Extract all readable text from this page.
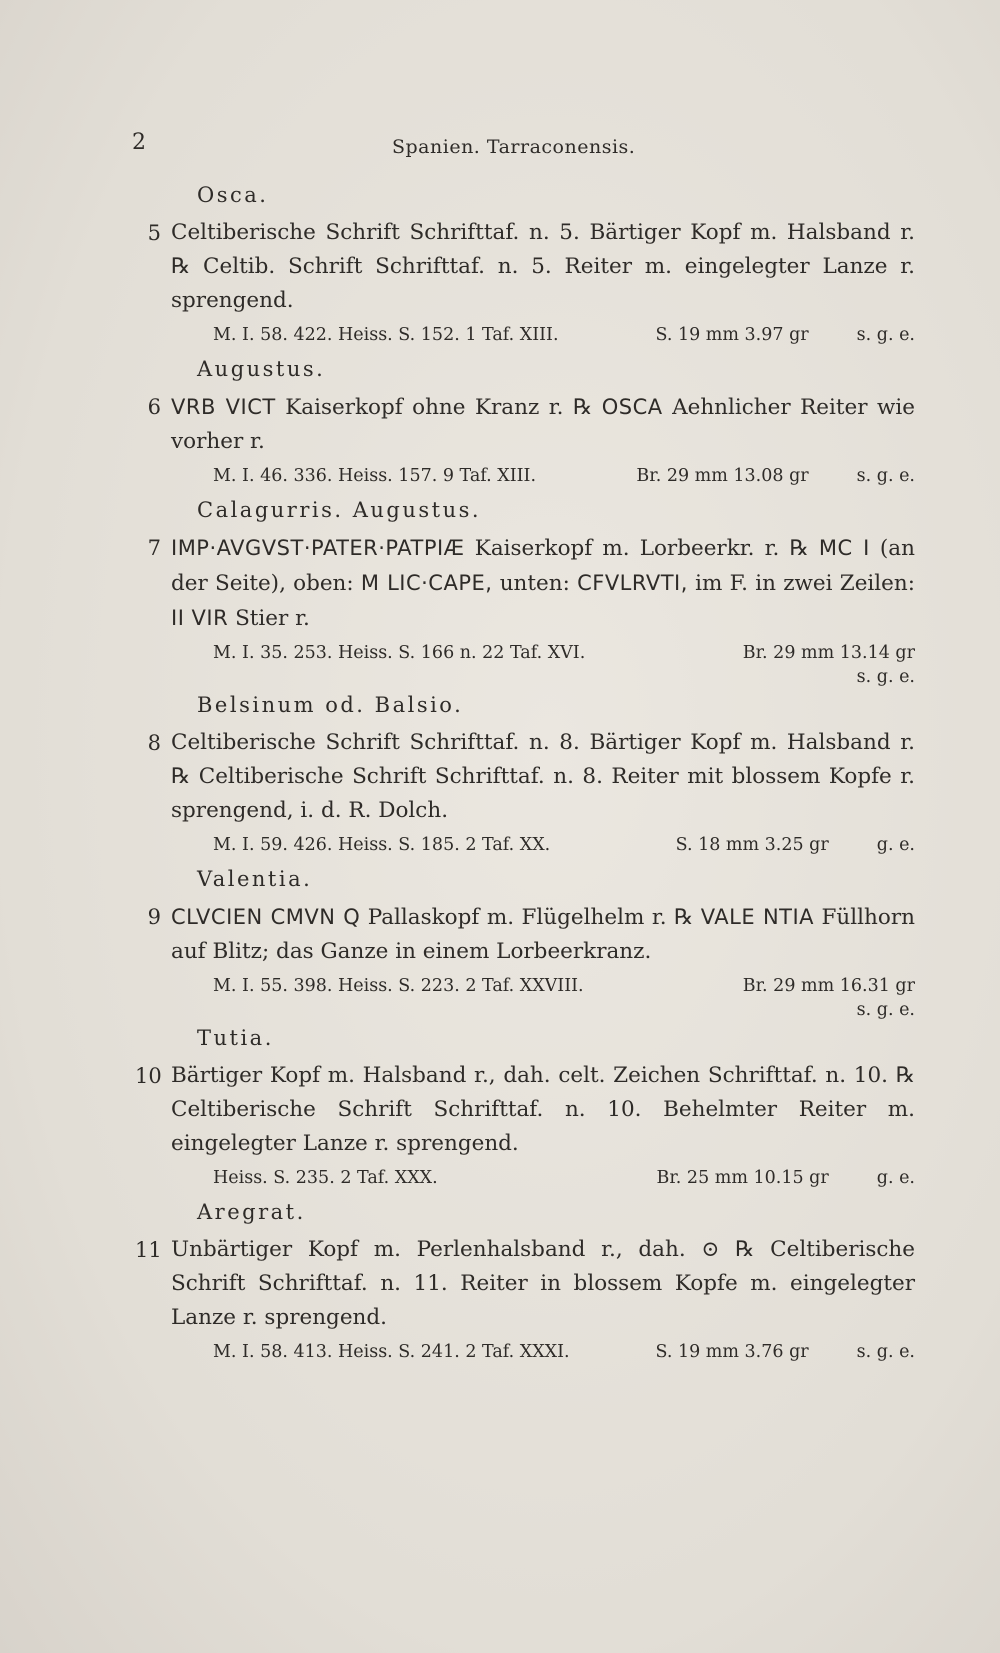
2	Spanien. Tarraconensis.
Osca.
5 Celtiberische Schrift Schrifttaf. n. 5. Bärtiger Kopf m. Halsband r. ℞ Celtib. Schrift Schrifttaf. n. 5. Reiter m. eingelegter Lanze r. sprengend.
M. I. 58. 422. Heiss. S. 152. 1 Taf. XIII.	S. 19 mm 3.97 gr	s. g. e.
Augustus.
6 VRB VICT Kaiserkopf ohne Kranz r. ℞ OSCA Aehnlicher Reiter wie vorher r.
M. I. 46. 336. Heiss. 157. 9 Taf. XIII.	Br. 29 mm 13.08 gr	s. g. e.
Calagurris. Augustus.
7 IMP·AVGVST·PATER·PATPIÆ Kaiserkopf m. Lorbeerkr. r. ℞ MC I (an der Seite), oben: M LIC·CAPE, unten: CFVLRVTI, im F. in zwei Zeilen: II VIR Stier r.
M. I. 35. 253. Heiss. S. 166 n. 22 Taf. XVI.	Br. 29 mm 13.14 gr
s. g. e.
Belsinum od. Balsio.
8 Celtiberische Schrift Schrifttaf. n. 8. Bärtiger Kopf m. Halsband r. ℞ Celtiberische Schrift Schrifttaf. n. 8. Reiter mit blossem Kopfe r. sprengend, i. d. R. Dolch.
M. I. 59. 426. Heiss. S. 185. 2 Taf. XX.	S. 18 mm 3.25 gr	g. e.
Valentia.
9 CLVCIEN CMVN Q Pallaskopf m. Flügelhelm r. ℞ VALE NTIA Füllhorn auf Blitz; das Ganze in einem Lorbeerkranz.
M. I. 55. 398. Heiss. S. 223. 2 Taf. XXVIII.	Br. 29 mm 16.31 gr
s. g. e.
Tutia.
10 Bärtiger Kopf m. Halsband r., dah. celt. Zeichen Schrifttaf. n. 10. ℞ Celtiberische Schrift Schrifttaf. n. 10. Behelmter Reiter m. eingelegter Lanze r. sprengend.
Heiss. S. 235. 2 Taf. XXX.	Br. 25 mm 10.15 gr	g. e.
Aregrat.
11 Unbärtiger Kopf m. Perlenhalsband r., dah. ⊙ ℞ Celtiberische Schrift Schrifttaf. n. 11. Reiter in blossem Kopfe m. eingelegter Lanze r. sprengend.
M. I. 58. 413. Heiss. S. 241. 2 Taf. XXXI.	S. 19 mm 3.76 gr	s. g. e.
